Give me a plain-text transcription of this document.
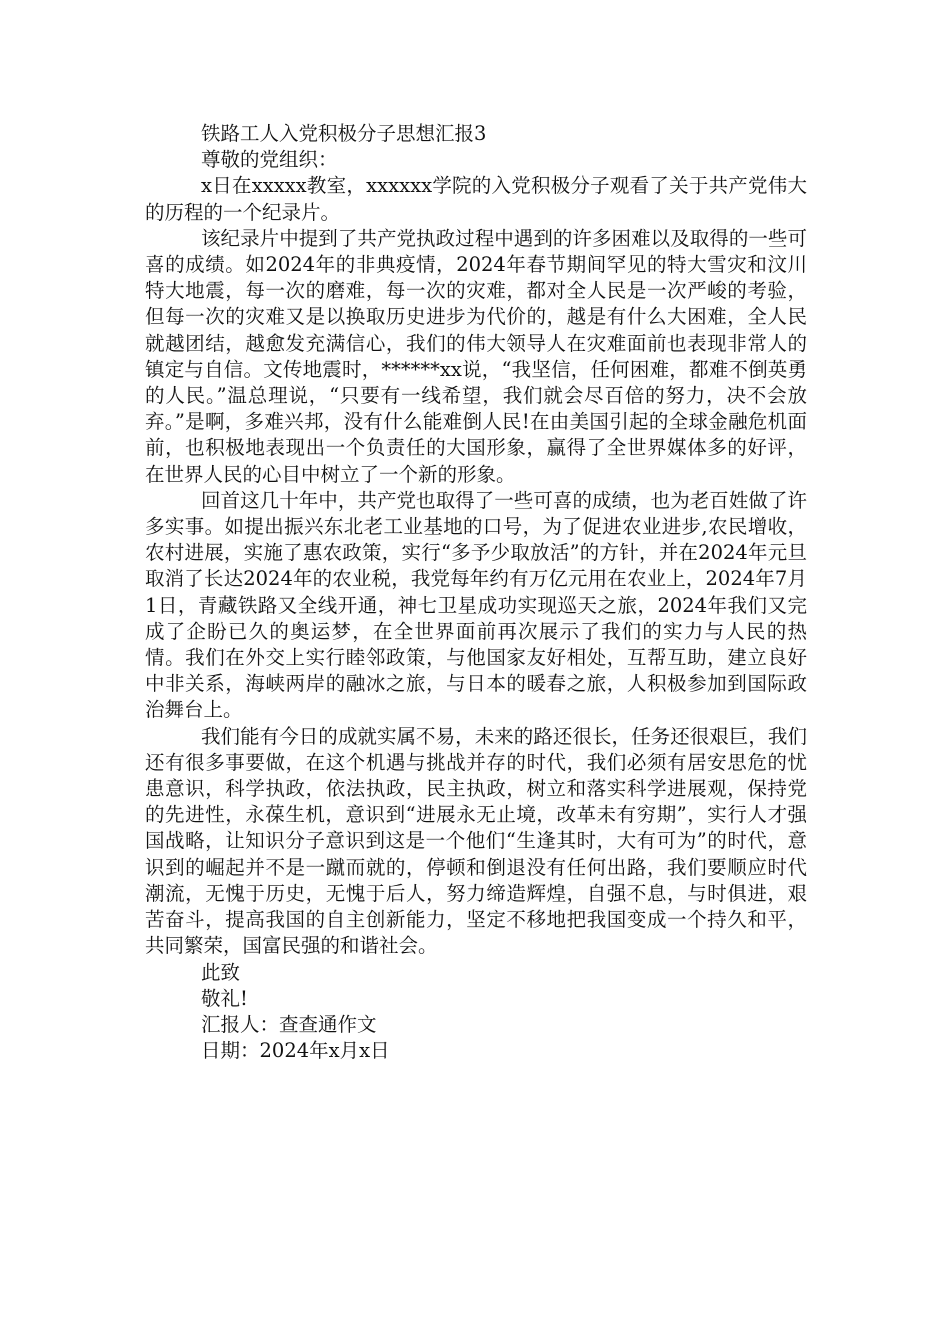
铁路工人入党积极分子思想汇报3

尊敬的党组织：

x日在xxxxx教室，xxxxxx学院的入党积极分子观看了关于共产党伟大的历程的一个纪录片。

该纪录片中提到了共产党执政过程中遇到的许多困难以及取得的一些可喜的成绩。如2024年的非典疫情，2024年春节期间罕见的特大雪灾和汶川特大地震，每一次的磨难，每一次的灾难，都对全人民是一次严峻的考验，但每一次的灾难又是以换取历史进步为代价的，越是有什么大困难，全人民就越团结，越愈发充满信心，我们的伟大领导人在灾难面前也表现非常人的镇定与自信。文传地震时，******xx说，“我坚信，任何困难，都难不倒英勇的人民。”温总理说，“只要有一线希望，我们就会尽百倍的努力，决不会放弃。”是啊，多难兴邦，没有什么能难倒人民!在由美国引起的全球金融危机面前，也积极地表现出一个负责任的大国形象，赢得了全世界媒体多的好评，在世界人民的心目中树立了一个新的形象。

回首这几十年中，共产党也取得了一些可喜的成绩，也为老百姓做了许多实事。如提出振兴东北老工业基地的口号，为了促进农业进步,农民增收，农村进展，实施了惠农政策，实行“多予少取放活”的方针，并在2024年元旦取消了长达2024年的农业税，我党每年约有万亿元用在农业上，2024年7月1日，青藏铁路又全线开通，神七卫星成功实现巡天之旅，2024年我们又完成了企盼已久的奥运梦，在全世界面前再次展示了我们的实力与人民的热情。我们在外交上实行睦邻政策，与他国家友好相处，互帮互助，建立良好中非关系，海峡两岸的融冰之旅，与日本的暖春之旅，人积极参加到国际政治舞台上。

我们能有今日的成就实属不易，未来的路还很长，任务还很艰巨，我们还有很多事要做，在这个机遇与挑战并存的时代，我们必须有居安思危的忧患意识，科学执政，依法执政，民主执政，树立和落实科学进展观，保持党的先进性，永葆生机，意识到“进展永无止境，改革未有穷期”，实行人才强国战略，让知识分子意识到这是一个他们“生逢其时，大有可为”的时代，意识到的崛起并不是一蹴而就的，停顿和倒退没有任何出路，我们要顺应时代潮流，无愧于历史，无愧于后人，努力缔造辉煌，自强不息，与时俱进，艰苦奋斗，提高我国的自主创新能力，坚定不移地把我国变成一个持久和平，共同繁荣，国富民强的和谐社会。

此致

敬礼!

汇报人：查查通作文

日期：2024年x月x日
